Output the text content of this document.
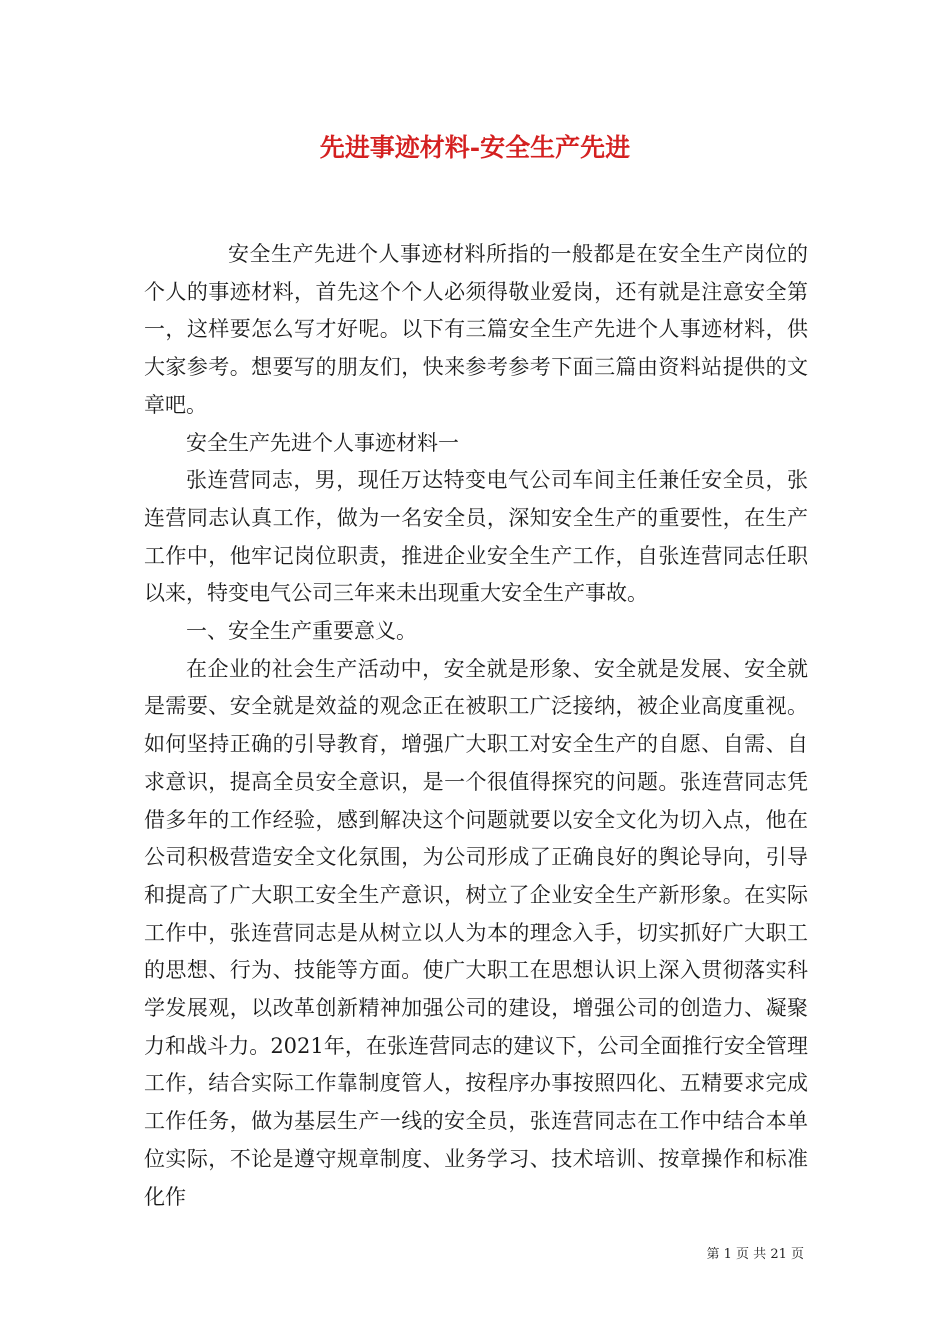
先进事迹材料-安全生产先进

安全生产先进个人事迹材料所指的一般都是在安全生产岗位的个人的事迹材料，首先这个个人必须得敬业爱岗，还有就是注意安全第一，这样要怎么写才好呢。以下有三篇安全生产先进个人事迹材料，供大家参考。想要写的朋友们，快来参考参考下面三篇由资料站提供的文章吧。

安全生产先进个人事迹材料一

张连营同志，男，现任万达特变电气公司车间主任兼任安全员，张连营同志认真工作，做为一名安全员，深知安全生产的重要性，在生产工作中，他牢记岗位职责，推进企业安全生产工作，自张连营同志任职以来，特变电气公司三年来未出现重大安全生产事故。

一、安全生产重要意义。

在企业的社会生产活动中，安全就是形象、安全就是发展、安全就是需要、安全就是效益的观念正在被职工广泛接纳，被企业高度重视。如何坚持正确的引导教育，增强广大职工对安全生产的自愿、自需、自求意识，提高全员安全意识，是一个很值得探究的问题。张连营同志凭借多年的工作经验，感到解决这个问题就要以安全文化为切入点，他在公司积极营造安全文化氛围，为公司形成了正确良好的舆论导向，引导和提高了广大职工安全生产意识，树立了企业安全生产新形象。在实际工作中，张连营同志是从树立以人为本的理念入手，切实抓好广大职工的思想、行为、技能等方面。使广大职工在思想认识上深入贯彻落实科学发展观，以改革创新精神加强公司的建设，增强公司的创造力、凝聚力和战斗力。2021年，在张连营同志的建议下，公司全面推行安全管理工作，结合实际工作靠制度管人，按程序办事按照四化、五精要求完成工作任务，做为基层生产一线的安全员，张连营同志在工作中结合本单位实际，不论是遵守规章制度、业务学习、技术培训、按章操作和标准化作

第 1 页 共 21 页
